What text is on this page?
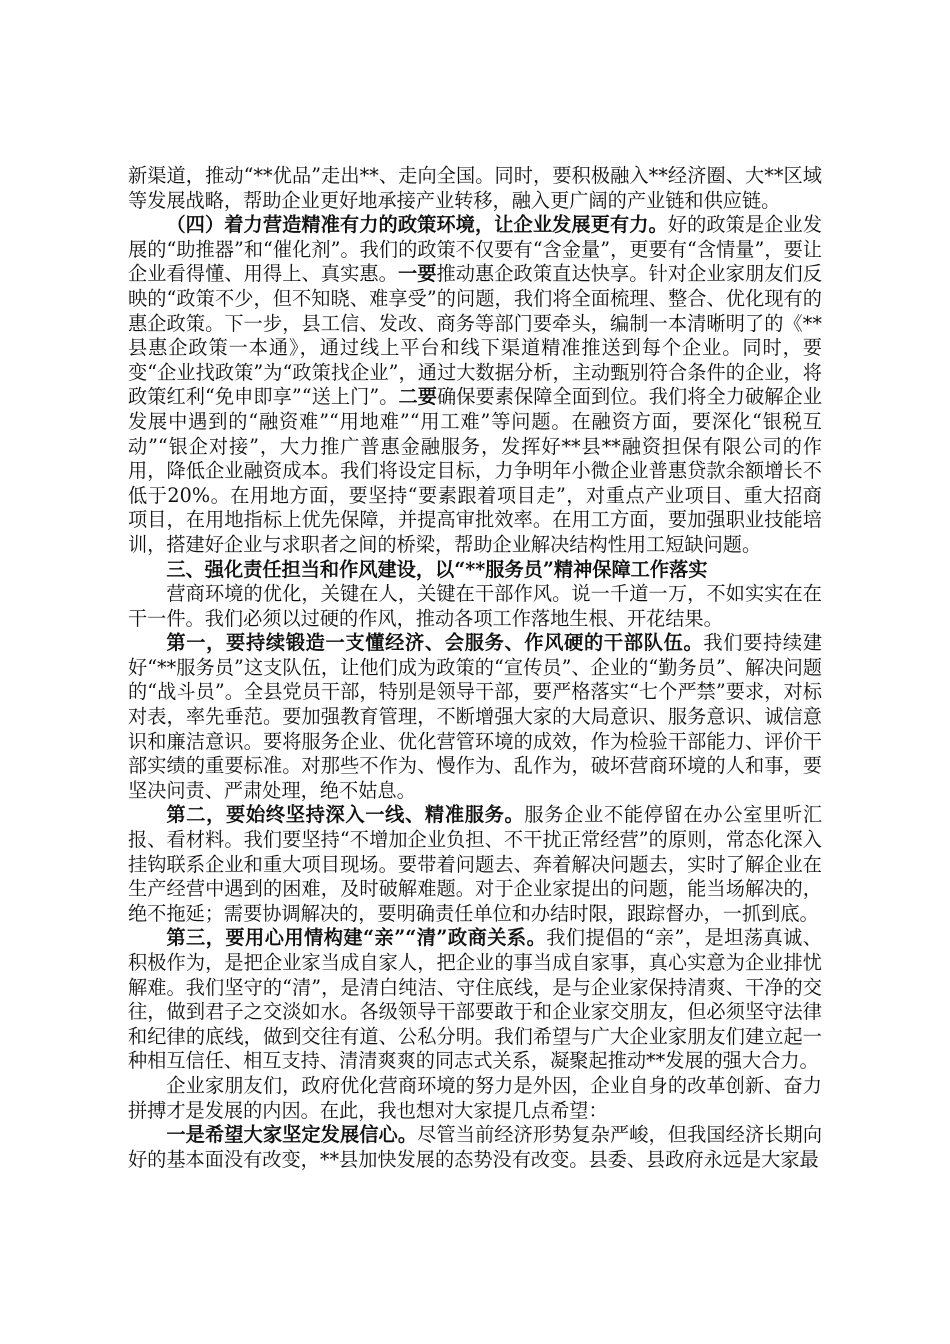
新渠道，推动“**优品”走出**、走向全国。同时，要积极融入**经济圈、大**区域等发展战略，帮助企业更好地承接产业转移，融入更广阔的产业链和供应链。

（四）着力营造精准有力的政策环境，让企业发展更有力。好的政策是企业发展的“助推器”和“催化剂”。我们的政策不仅要有“含金量”，更要有“含情量”，要让企业看得懂、用得上、真实惠。一要推动惠企政策直达快享。针对企业家朋友们反映的“政策不少，但不知晓、难享受”的问题，我们将全面梳理、整合、优化现有的惠企政策。下一步，县工信、发改、商务等部门要牵头，编制一本清晰明了的《**县惠企政策一本通》，通过线上平台和线下渠道精准推送到每个企业。同时，要变“企业找政策”为“政策找企业”，通过大数据分析，主动甄别符合条件的企业，将政策红利“免申即享”“送上门”。二要确保要素保障全面到位。我们将全力破解企业发展中遇到的“融资难”“用地难”“用工难”等问题。在融资方面，要深化“银税互动”“银企对接”，大力推广普惠金融服务，发挥好**县**融资担保有限公司的作用，降低企业融资成本。我们将设定目标，力争明年小微企业普惠贷款余额增长不低于20%。在用地方面，要坚持“要素跟着项目走”，对重点产业项目、重大招商项目，在用地指标上优先保障，并提高审批效率。在用工方面，要加强职业技能培训，搭建好企业与求职者之间的桥梁，帮助企业解决结构性用工短缺问题。

三、强化责任担当和作风建设，以“**服务员”精神保障工作落实

营商环境的优化，关键在人，关键在干部作风。说一千道一万，不如实实在在干一件。我们必须以过硬的作风，推动各项工作落地生根、开花结果。

第一，要持续锻造一支懂经济、会服务、作风硬的干部队伍。我们要持续建好“**服务员”这支队伍，让他们成为政策的“宣传员”、企业的“勤务员”、解决问题的“战斗员”。全县党员干部，特别是领导干部，要严格落实“七个严禁”要求，对标对表，率先垂范。要加强教育管理，不断增强大家的大局意识、服务意识、诚信意识和廉洁意识。要将服务企业、优化营管环境的成效，作为检验干部能力、评价干部实绩的重要标准。对那些不作为、慢作为、乱作为，破坏营商环境的人和事，要坚决问责、严肃处理，绝不姑息。

第二，要始终坚持深入一线、精准服务。服务企业不能停留在办公室里听汇报、看材料。我们要坚持“不增加企业负担、不干扰正常经营”的原则，常态化深入挂钩联系企业和重大项目现场。要带着问题去、奔着解决问题去，实时了解企业在生产经营中遇到的困难，及时破解难题。对于企业家提出的问题，能当场解决的，绝不拖延；需要协调解决的，要明确责任单位和办结时限，跟踪督办，一抓到底。

第三，要用心用情构建“亲”“清”政商关系。我们提倡的“亲”，是坦荡真诚、积极作为，是把企业家当成自家人，把企业的事当成自家事，真心实意为企业排忧解难。我们坚守的“清”，是清白纯洁、守住底线，是与企业家保持清爽、干净的交往，做到君子之交淡如水。各级领导干部要敢于和企业家交朋友，但必须坚守法律和纪律的底线，做到交往有道、公私分明。我们希望与广大企业家朋友们建立起一种相互信任、相互支持、清清爽爽的同志式关系，凝聚起推动**发展的强大合力。

企业家朋友们，政府优化营商环境的努力是外因，企业自身的改革创新、奋力拼搏才是发展的内因。在此，我也想对大家提几点希望：

一是希望大家坚定发展信心。尽管当前经济形势复杂严峻，但我国经济长期向好的基本面没有改变，**县加快发展的态势没有改变。县委、县政府永远是大家最
